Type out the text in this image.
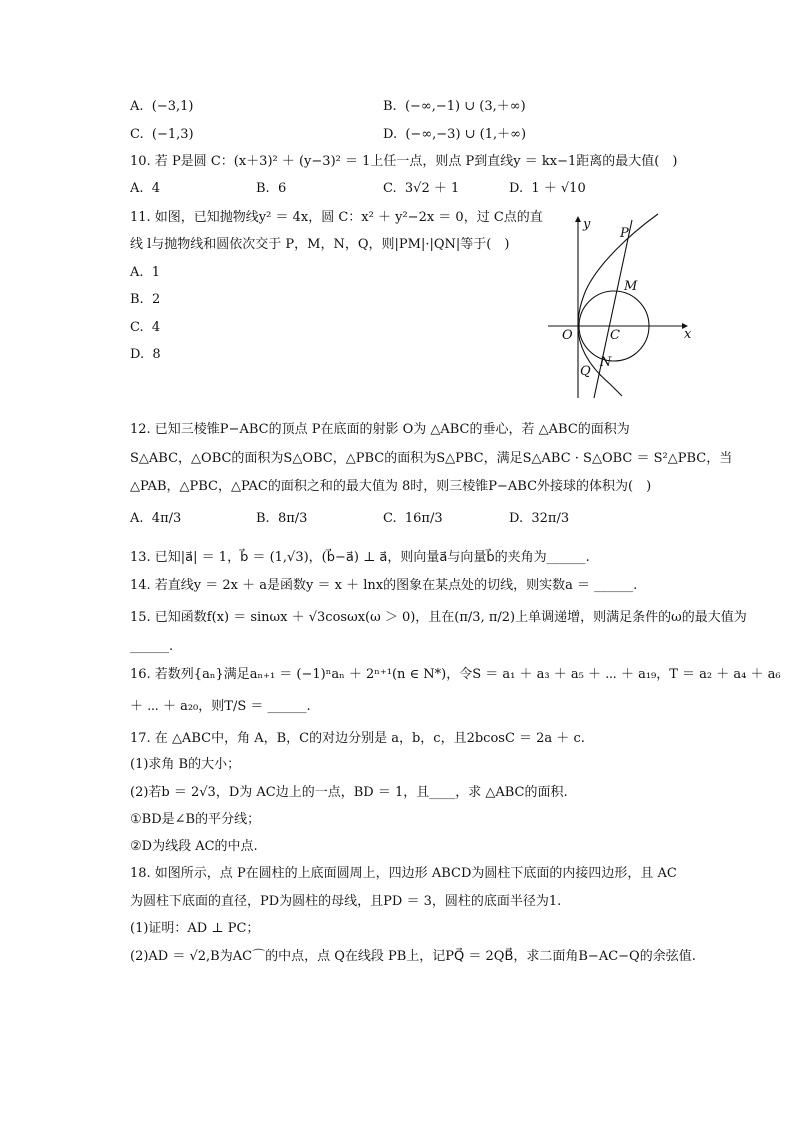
A. (−3,1)	B. (−∞,−1) ∪ (3,＋∞)
C. (−1,3)	D. (−∞,−3) ∪ (1,＋∞)
10. 若 P是圆 C：(x＋3)² ＋ (y−3)² ＝ 1上任一点，则点 P到直线y ＝ kx−1距离的最大值(　)
A. 4	B. 6	C. 3√2 ＋ 1	D. 1 ＋ √10
11. 如图，已知抛物线y² ＝ 4x，圆 C：x² ＋ y²−2x ＝ 0，过 C点的直
线 l与抛物线和圆依次交于 P，M，N，Q，则|PM|·|QN|等于(　)
A. 1
B. 2
C. 4
D. 8
y
x
O	C
P
M
N
Q
12. 已知三棱锥P−ABC的顶点 P在底面的射影 O为 △ABC的垂心，若 △ABC的面积为
S△ABC，△OBC的面积为S△OBC，△PBC的面积为S△PBC，满足S△ABC · S△OBC ＝ S²△PBC，当
△PAB，△PBC，△PAC的面积之和的最大值为 8时，则三棱锥P−ABC外接球的体积为(　)
A. 4π/3	B. 8π/3	C. 16π/3	D. 32π/3
13. 已知|a⃗| ＝ 1，b⃗ ＝ (1,√3)，(b⃗−a⃗) ⊥ a⃗，则向量a⃗与向量b⃗的夹角为______.
14. 若直线y ＝ 2x ＋ a是函数y ＝ x ＋ lnx的图象在某点处的切线，则实数a ＝ ______.
15. 已知函数f(x) ＝ sinωx ＋ √3cosωx(ω ＞ 0)，且在(π/3, π/2)上单调递增，则满足条件的ω的最大值为
______.
16. 若数列{aₙ}满足aₙ₊₁ ＝ (−1)ⁿaₙ ＋ 2ⁿ⁺¹(n ∈ N*)，令S ＝ a₁ ＋ a₃ ＋ a₅ ＋ ⋯ ＋ a₁₉，T ＝ a₂ ＋ a₄ ＋ a₆
＋ ⋯ ＋ a₂₀，则T/S ＝ ______.
17. 在 △ABC中，角 A，B，C的对边分别是 a，b，c，且2bcosC ＝ 2a ＋ c.
(1)求角 B的大小；
(2)若b ＝ 2√3，D为 AC边上的一点，BD ＝ 1，且____，求 △ABC的面积.
①BD是∠B的平分线；
②D为线段 AC的中点.
18. 如图所示，点 P在圆柱的上底面圆周上，四边形 ABCD为圆柱下底面的内接四边形，且 AC
为圆柱下底面的直径，PD为圆柱的母线，且PD ＝ 3，圆柱的底面半径为1.
(1)证明：AD ⊥ PC；
(2)AD ＝ √2,B为AC⌒的中点，点 Q在线段 PB上，记PQ⃗ ＝ 2QB⃗，求二面角B−AC−Q的余弦值.
